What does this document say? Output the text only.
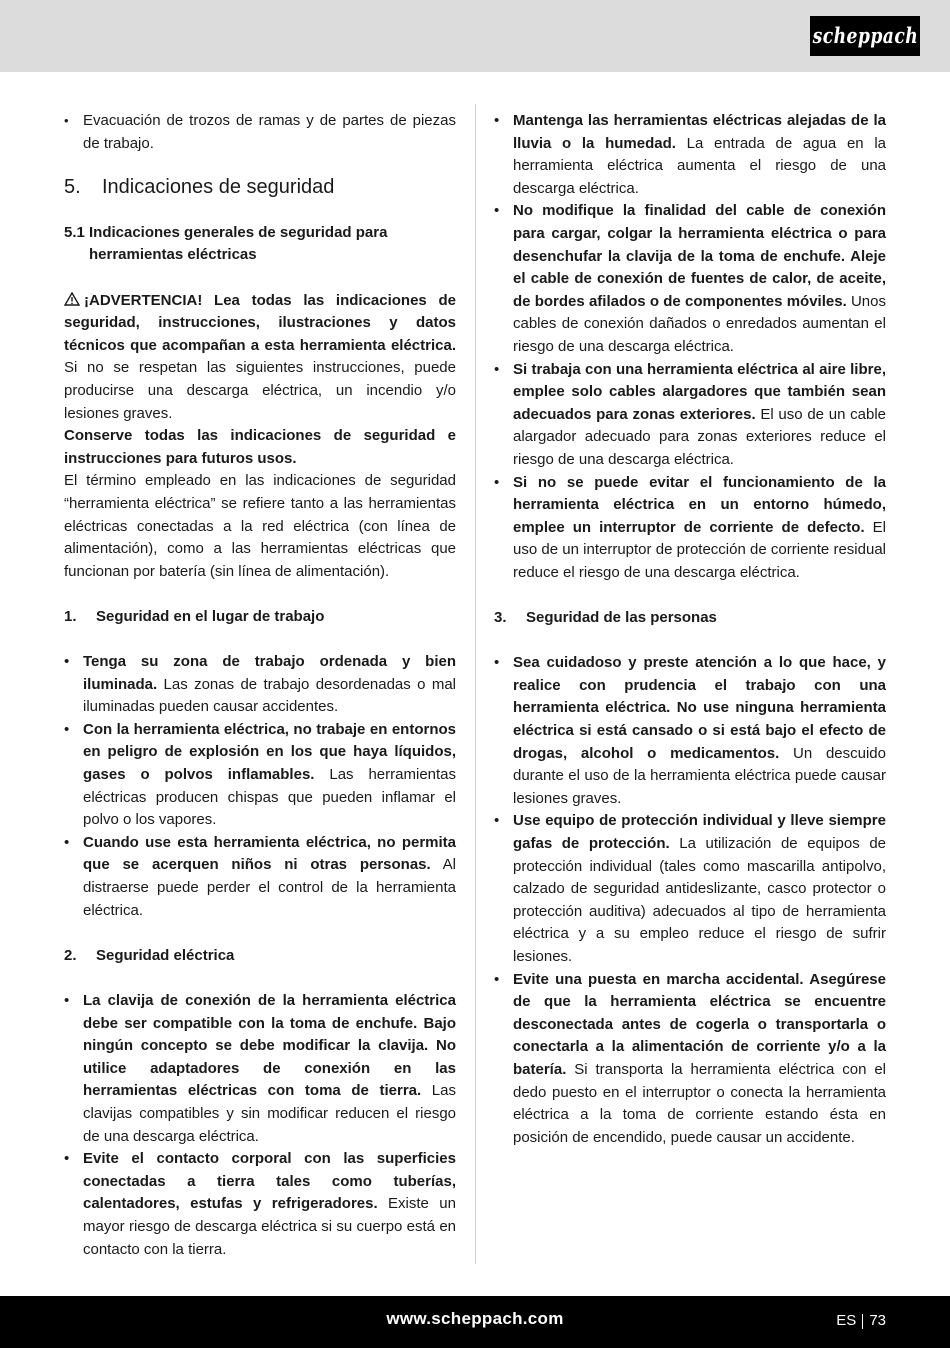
scheppach

• Evacuación de trozos de ramas y de partes de piezas de trabajo.

5.	Indicaciones de seguridad
5.1 Indicaciones generales de seguridad para herramientas eléctricas

¡ADVERTENCIA! Lea todas las indicaciones de seguridad, instrucciones, ilustraciones y datos técnicos que acompañan a esta herramienta eléctrica. Si no se respetan las siguientes instrucciones, puede producirse una descarga eléctrica, un incendio y/o lesiones graves.

Conserve todas las indicaciones de seguridad e instrucciones para futuros usos.

El término empleado en las indicaciones de seguridad “herramienta eléctrica” se refiere tanto a las herramientas eléctricas conectadas a la red eléctrica (con línea de alimentación), como a las herramientas eléctricas que funcionan por batería (sin línea de alimentación).

1.	Seguridad en el lugar de trabajo

• Tenga su zona de trabajo ordenada y bien iluminada. Las zonas de trabajo desordenadas o mal iluminadas pueden causar accidentes.

• Con la herramienta eléctrica, no trabaje en entornos en peligro de explosión en los que haya líquidos, gases o polvos inflamables. Las herramientas eléctricas producen chispas que pueden inflamar el polvo o los vapores.

• Cuando use esta herramienta eléctrica, no permita que se acerquen niños ni otras personas. Al distraerse puede perder el control de la herramienta eléctrica.

2.	Seguridad eléctrica

• La clavija de conexión de la herramienta eléctrica debe ser compatible con la toma de enchufe. Bajo ningún concepto se debe modificar la clavija. No utilice adaptadores de conexión en las herramientas eléctricas con toma de tierra. Las clavijas compatibles y sin modificar reducen el riesgo de una descarga eléctrica.

• Evite el contacto corporal con las superficies conectadas a tierra tales como tuberías, calentadores, estufas y refrigeradores. Existe un mayor riesgo de descarga eléctrica si su cuerpo está en contacto con la tierra.

• Mantenga las herramientas eléctricas alejadas de la lluvia o la humedad. La entrada de agua en la herramienta eléctrica aumenta el riesgo de una descarga eléctrica.

• No modifique la finalidad del cable de conexión para cargar, colgar la herramienta eléctrica o para desenchufar la clavija de la toma de enchufe. Aleje el cable de conexión de fuentes de calor, de aceite, de bordes afilados o de componentes móviles. Unos cables de conexión dañados o enredados aumentan el riesgo de una descarga eléctrica.

• Si trabaja con una herramienta eléctrica al aire libre, emplee solo cables alargadores que también sean adecuados para zonas exteriores. El uso de un cable alargador adecuado para zonas exteriores reduce el riesgo de una descarga eléctrica.

• Si no se puede evitar el funcionamiento de la herramienta eléctrica en un entorno húmedo, emplee un interruptor de corriente de defecto. El uso de un interruptor de protección de corriente residual reduce el riesgo de una descarga eléctrica.

3.	Seguridad de las personas

• Sea cuidadoso y preste atención a lo que hace, y realice con prudencia el trabajo con una herramienta eléctrica. No use ninguna herramienta eléctrica si está cansado o si está bajo el efecto de drogas, alcohol o medicamentos. Un descuido durante el uso de la herramienta eléctrica puede causar lesiones graves.

• Use equipo de protección individual y lleve siempre gafas de protección. La utilización de equipos de protección individual (tales como mascarilla antipolvo, calzado de seguridad antideslizante, casco protector o protección auditiva) adecuados al tipo de herramienta eléctrica y a su empleo reduce el riesgo de sufrir lesiones.

• Evite una puesta en marcha accidental. Asegúrese de que la herramienta eléctrica se encuentre desconectada antes de cogerla o transportarla o conectarla a la alimentación de corriente y/o a la batería. Si transporta la herramienta eléctrica con el dedo puesto en el interruptor o conecta la herramienta eléctrica a la toma de corriente estando ésta en posición de encendido, puede causar un accidente.

www.scheppach.com	ES 73
